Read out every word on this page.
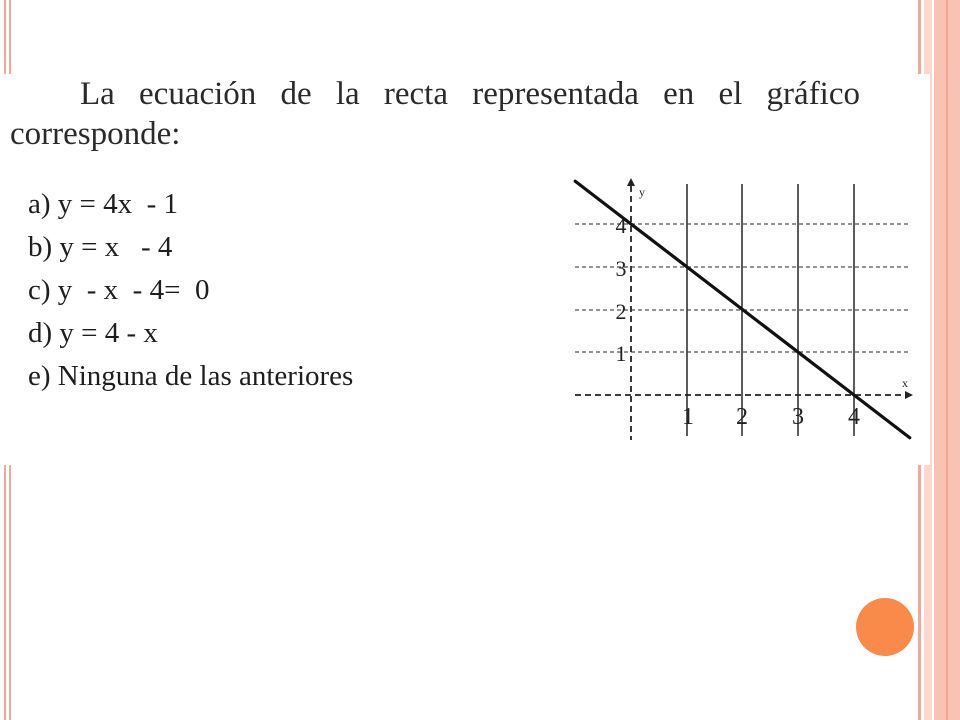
La ecuación de la recta representada en el gráfico corresponde:
a) y = 4x  - 1
b) y = x   - 4
c) y  - x  - 4=  0
d) y = 4 - x
e) Ninguna de las anteriores	x
y
1 2 3 4
4
3
2
1
